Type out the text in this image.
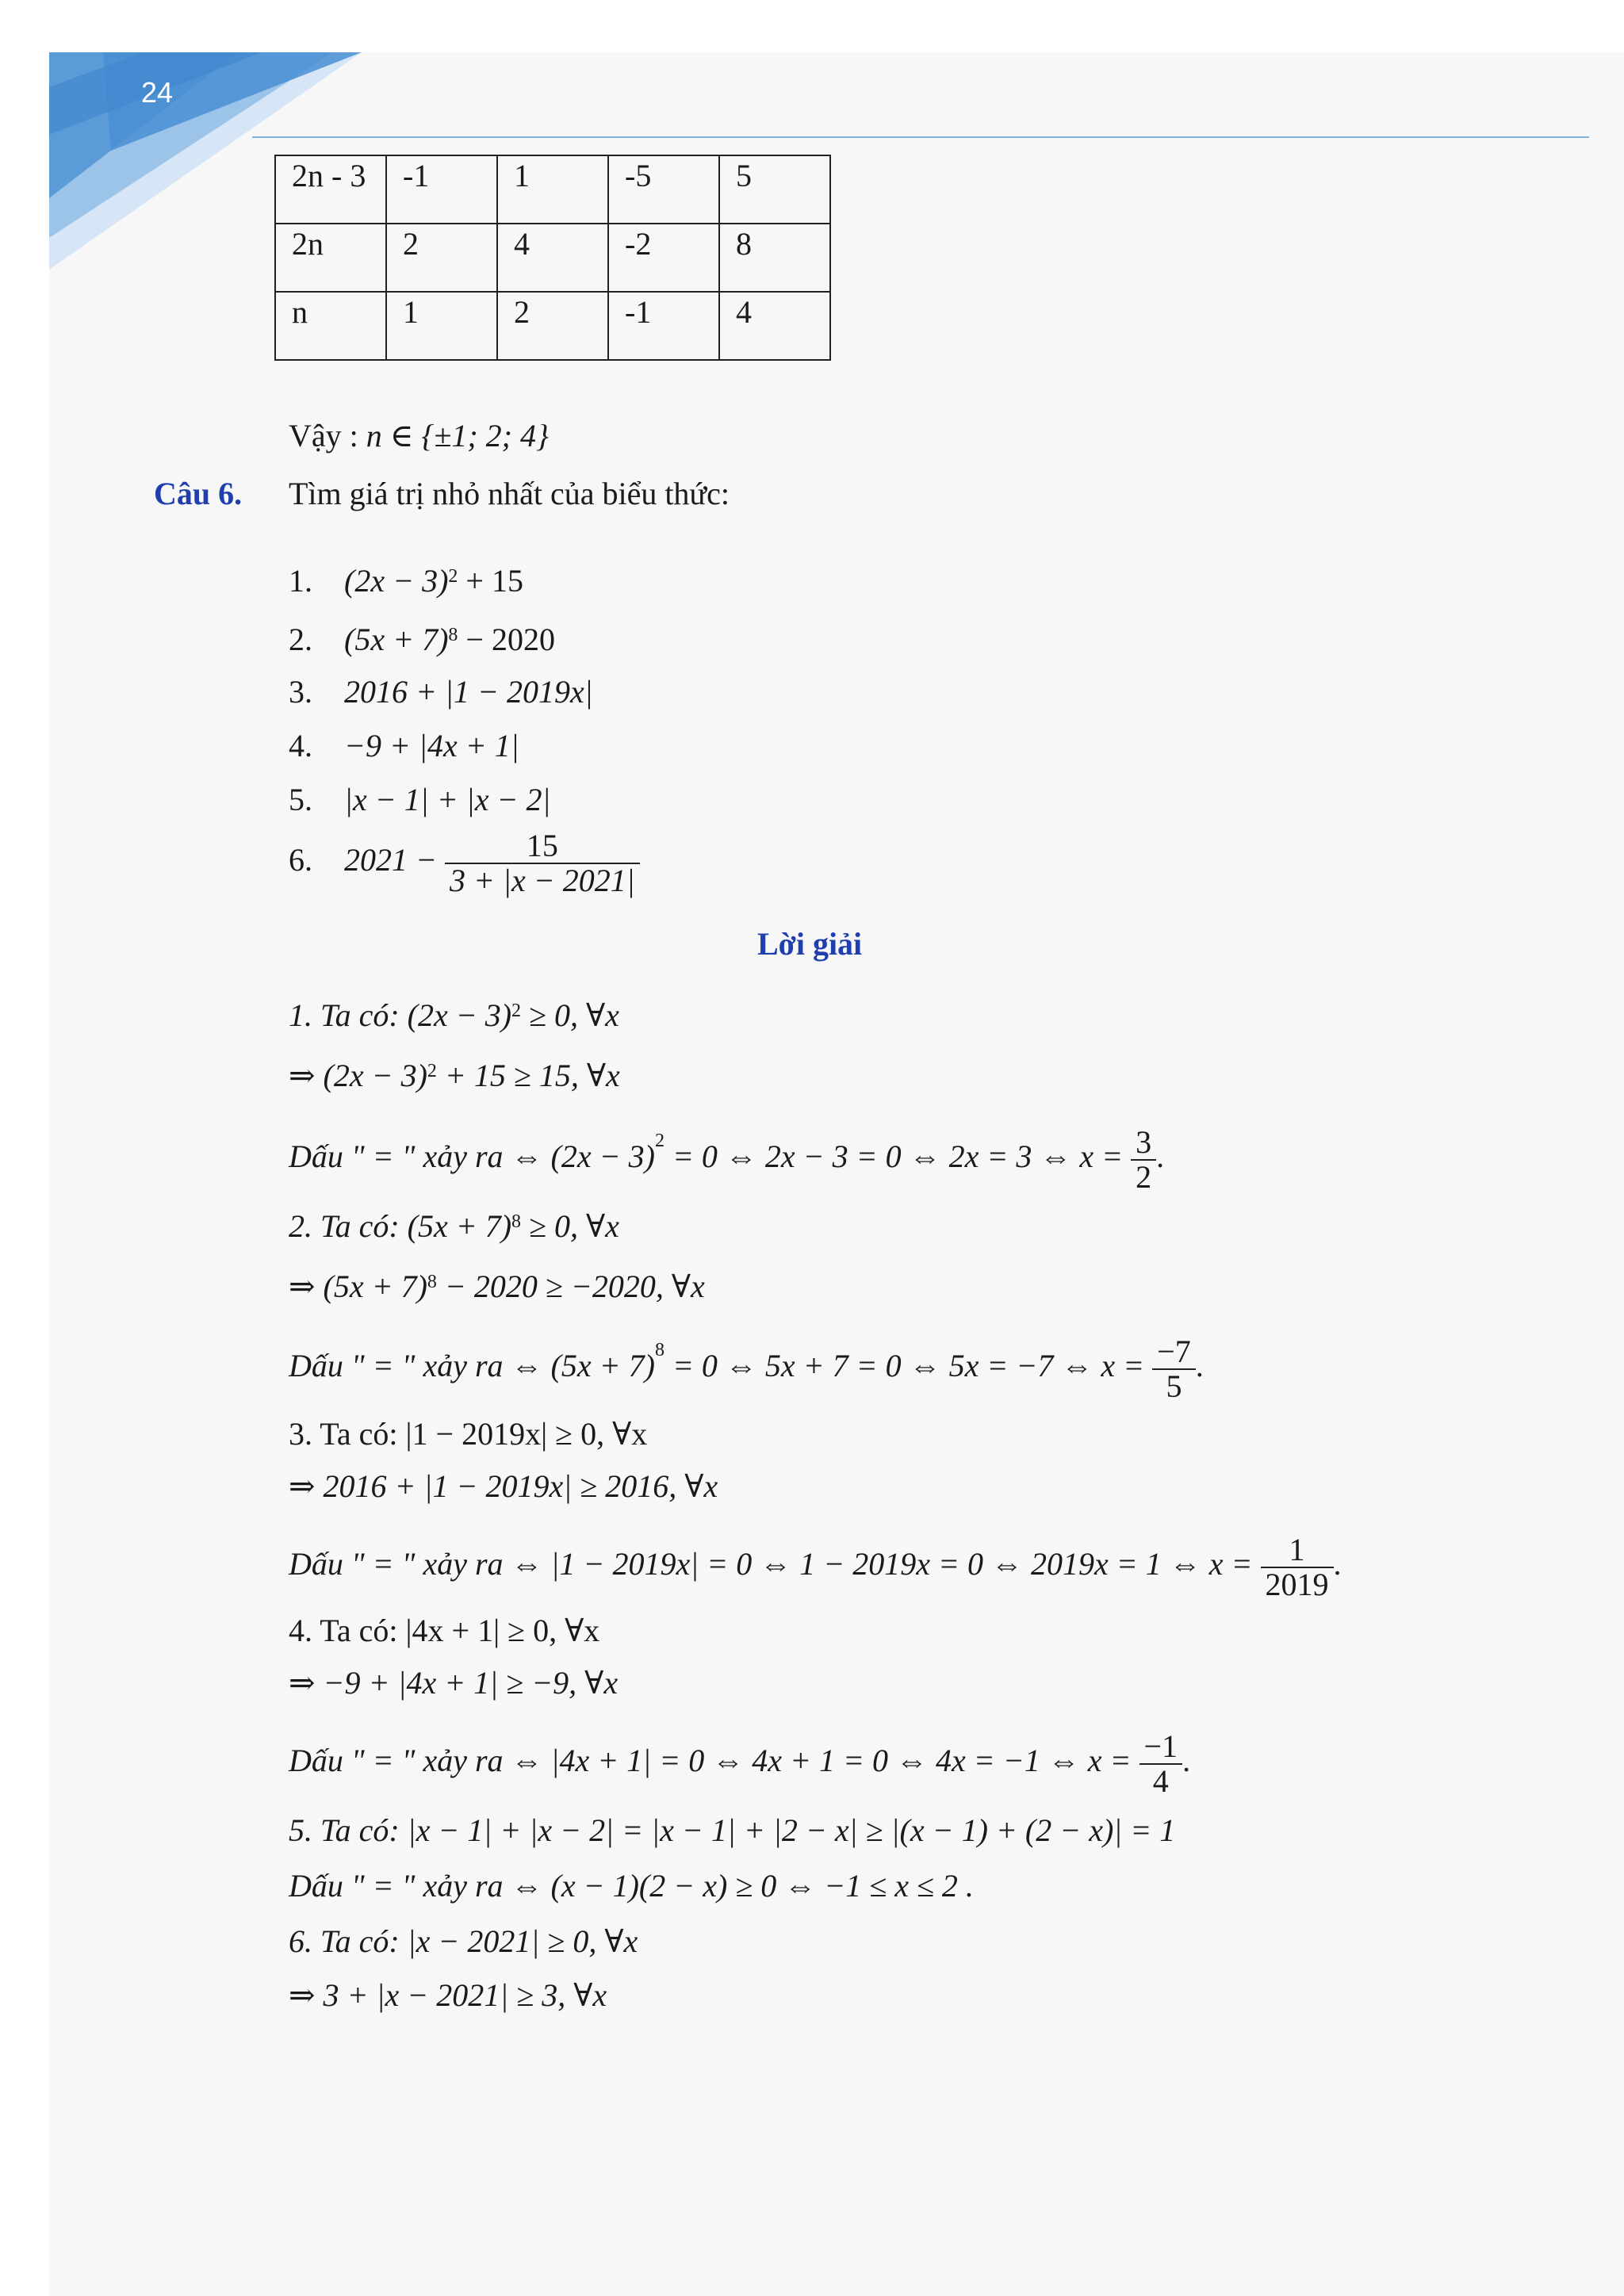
24
2n - 3	-1	1	-5	5
2n	2	4	-2	8
n	1	2	-1	4
Vậy : n ∈ {±1; 2; 4}
Câu 6. Tìm giá trị nhỏ nhất của biểu thức:
1. $(2x - 3)^2 + 15$
2. $(5x + 7)^8 - 2020$
3. 2016 + |1 − 2019x|
4. −9 + |4x + 1|
5. |x − 1| + |x − 2|
6. $2021 - \frac{15}{3 + |x - 2021|}$
Lời giải
1. Ta có: $(2x - 3)^2 \ge 0$, ∀x
⇒ $(2x - 3)^2 + 15 \ge 15$, ∀x
Dấu " = " xảy ra ⇔ $(2x - 3)^2 = 0$ ⇔ 2x − 3 = 0 ⇔ 2x = 3 ⇔ $x = \frac{3}{2}$ .
2. Ta có: $(5x + 7)^8 \ge 0$, ∀x
⇒ $(5x + 7)^8 - 2020 \ge -2020$, ∀x
Dấu " = " xảy ra ⇔ $(5x + 7)^8 = 0$ ⇔ 5x + 7 = 0 ⇔ 5x = −7 ⇔ $x = \frac{-7}{5}$ .
3. Ta có: |1 − 2019x| ≥ 0, ∀x
⇒ 2016 + |1 − 2019x| ≥ 2016, ∀x
Dấu " = " xảy ra ⇔ |1 − 2019x| = 0 ⇔ 1 − 2019x = 0 ⇔ 2019x = 1 ⇔ $x = \frac{1}{2019}$ .
4. Ta có: |4x + 1| ≥ 0, ∀x
⇒ −9 + |4x + 1| ≥ −9, ∀x
Dấu " = " xảy ra ⇔ |4x + 1| = 0 ⇔ 4x + 1 = 0 ⇔ 4x = −1 ⇔ $x = \frac{-1}{4}$ .
5. Ta có: |x − 1| + |x − 2| = |x − 1| + |2 − x| ≥ |(x − 1) + (2 − x)| = 1
Dấu " = " xảy ra ⇔ (x − 1)(2 − x) ≥ 0 ⇔ −1 ≤ x ≤ 2 .
6. Ta có: |x − 2021| ≥ 0, ∀x
⇒ 3 + |x − 2021| ≥ 3, ∀x
